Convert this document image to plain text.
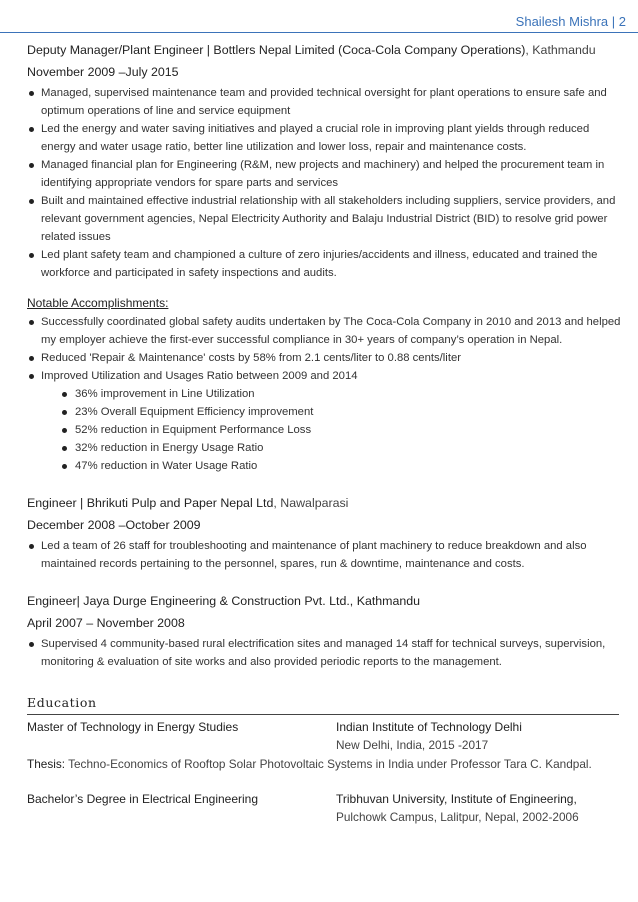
Shailesh Mishra | 2

Deputy Manager/Plant Engineer | Bottlers Nepal Limited (Coca-Cola Company Operations), Kathmandu

November 2009 –July 2015

Managed, supervised maintenance team and provided technical oversight for plant operations to ensure safe and optimum operations of line and service equipment
Led the energy and water saving initiatives and played a crucial role in improving plant yields through reduced energy and water usage ratio, better line utilization and lower loss, repair and maintenance costs.
Managed financial plan for Engineering (R&M, new projects and machinery) and helped the procurement team in identifying appropriate vendors for spare parts and services
Built and maintained effective industrial relationship with all stakeholders including suppliers, service providers, and relevant government agencies, Nepal Electricity Authority and Balaju Industrial District (BID) to resolve grid power related issues
Led plant safety team and championed a culture of zero injuries/accidents and illness, educated and trained the workforce and participated in safety inspections and audits.

Notable Accomplishments:

Successfully coordinated global safety audits undertaken by The Coca-Cola Company in 2010 and 2013 and helped my employer achieve the first-ever successful compliance in 30+ years of company’s operation in Nepal.
Reduced 'Repair & Maintenance' costs by 58% from 2.1 cents/liter to 0.88 cents/liter
Improved Utilization and Usages Ratio between 2009 and 2014
36% improvement in Line Utilization
23% Overall Equipment Efficiency improvement
52% reduction in Equipment Performance Loss
32% reduction in Energy Usage Ratio
47% reduction in Water Usage Ratio

Engineer | Bhrikuti Pulp and Paper Nepal Ltd, Nawalparasi

December 2008 –October 2009

Led a team of 26 staff for troubleshooting and maintenance of plant machinery to reduce breakdown and also maintained records pertaining to the personnel, spares, run & downtime, maintenance and costs.

Engineer| Jaya Durge Engineering & Construction Pvt. Ltd., Kathmandu

April 2007 – November 2008

Supervised 4 community-based rural electrification sites and managed 14 staff for technical surveys, supervision, monitoring & evaluation of site works and also provided periodic reports to the management.
Education
Master of Technology in Energy Studies	Indian Institute of Technology Delhi
New Delhi, India, 2015 -2017
Thesis: Techno-Economics of Rooftop Solar Photovoltaic Systems in India under Professor Tara C. Kandpal.
Bachelor’s Degree in Electrical Engineering	Tribhuvan University, Institute of Engineering,
Pulchowk Campus, Lalitpur, Nepal, 2002-2006
